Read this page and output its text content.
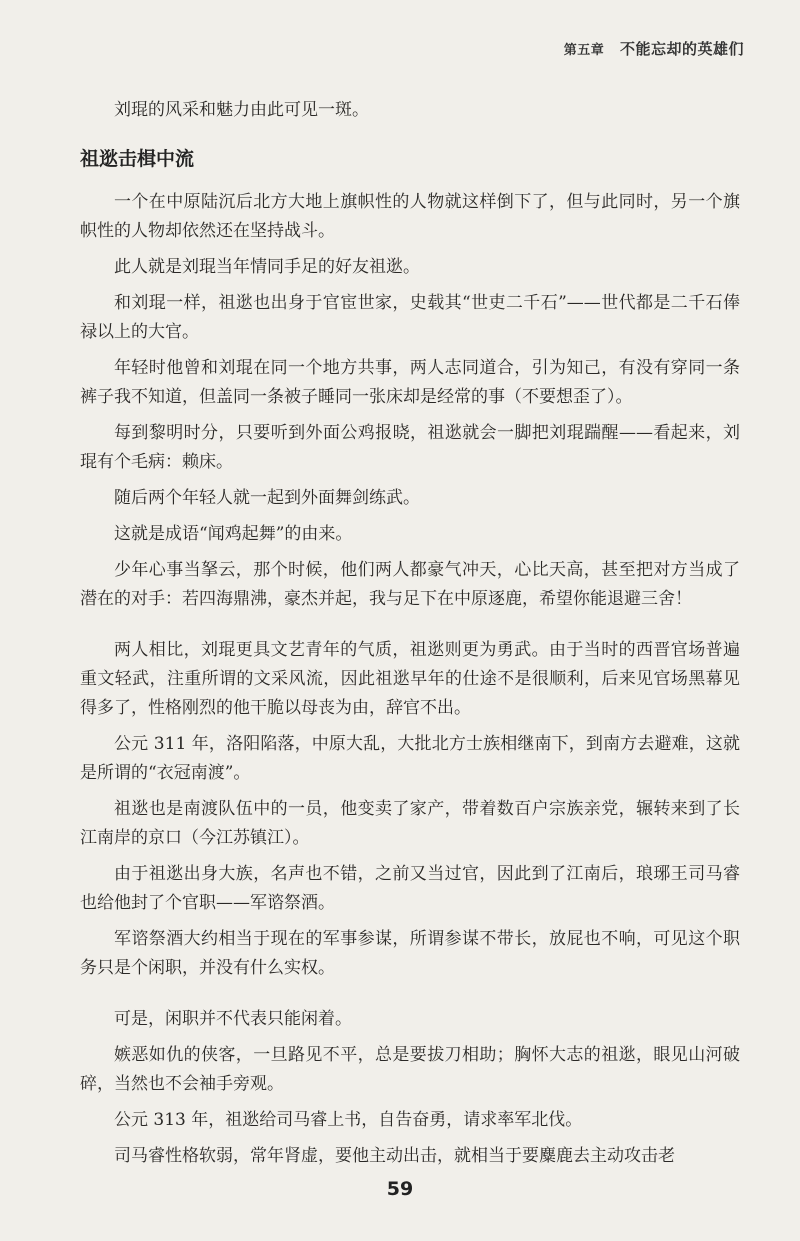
第五章 不能忘却的英雄们

刘琨的风采和魅力由此可见一斑。

祖逖击楫中流

一个在中原陆沉后北方大地上旗帜性的人物就这样倒下了，但与此同时，另一个旗帜性的人物却依然还在坚持战斗。

此人就是刘琨当年情同手足的好友祖逖。

和刘琨一样，祖逖也出身于官宦世家，史载其“世吏二千石”——世代都是二千石俸禄以上的大官。

年轻时他曾和刘琨在同一个地方共事，两人志同道合，引为知己，有没有穿同一条裤子我不知道，但盖同一条被子睡同一张床却是经常的事（不要想歪了）。

每到黎明时分，只要听到外面公鸡报晓，祖逖就会一脚把刘琨踹醒——看起来，刘琨有个毛病：赖床。

随后两个年轻人就一起到外面舞剑练武。

这就是成语“闻鸡起舞”的由来。

少年心事当拏云，那个时候，他们两人都豪气冲天，心比天高，甚至把对方当成了潜在的对手：若四海鼎沸，豪杰并起，我与足下在中原逐鹿，希望你能退避三舍！

两人相比，刘琨更具文艺青年的气质，祖逖则更为勇武。由于当时的西晋官场普遍重文轻武，注重所谓的文采风流，因此祖逖早年的仕途不是很顺利，后来见官场黑幕见得多了，性格刚烈的他干脆以母丧为由，辞官不出。

公元 311 年，洛阳陷落，中原大乱，大批北方士族相继南下，到南方去避难，这就是所谓的“衣冠南渡”。

祖逖也是南渡队伍中的一员，他变卖了家产，带着数百户宗族亲党，辗转来到了长江南岸的京口（今江苏镇江）。

由于祖逖出身大族，名声也不错，之前又当过官，因此到了江南后，琅琊王司马睿也给他封了个官职——军谘祭酒。

军谘祭酒大约相当于现在的军事参谋，所谓参谋不带长，放屁也不响，可见这个职务只是个闲职，并没有什么实权。

可是，闲职并不代表只能闲着。

嫉恶如仇的侠客，一旦路见不平，总是要拔刀相助；胸怀大志的祖逖，眼见山河破碎，当然也不会袖手旁观。

公元 313 年，祖逖给司马睿上书，自告奋勇，请求率军北伐。

司马睿性格软弱，常年肾虚，要他主动出击，就相当于要麋鹿去主动攻击老

59
